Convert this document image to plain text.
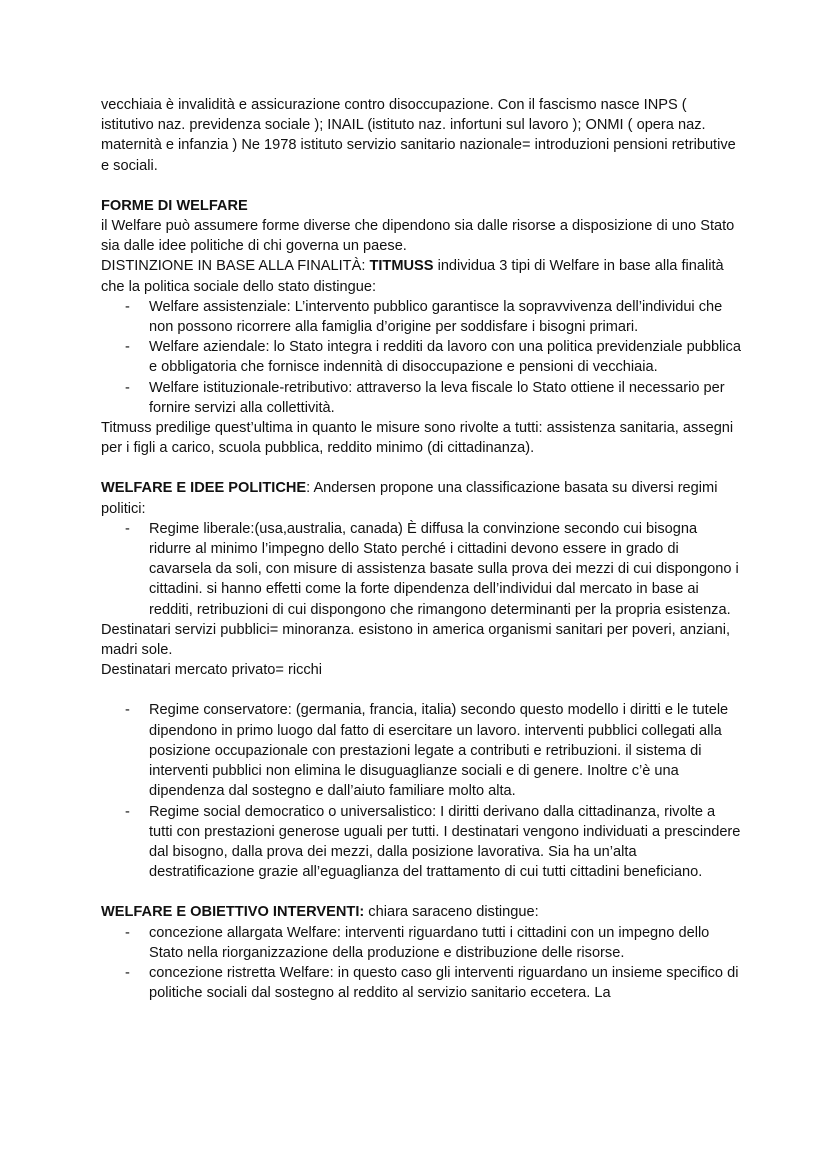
vecchiaia è invalidità e assicurazione contro disoccupazione. Con il fascismo nasce INPS ( istitutivo naz. previdenza sociale ); INAIL (istituto naz. infortuni sul lavoro ); ONMI ( opera naz. maternità e infanzia ) Ne 1978 istituto servizio sanitario nazionale= introduzioni pensioni retributive e sociali.

FORME DI WELFARE

il Welfare può assumere forme diverse che dipendono sia dalle risorse a disposizione di uno Stato sia dalle idee politiche di chi governa un paese.

DISTINZIONE IN BASE ALLA FINALITÀ: TITMUSS individua 3 tipi di Welfare in base alla finalità che la politica sociale dello stato distingue:

- Welfare assistenziale: L’intervento pubblico garantisce la sopravvivenza dell’individui che non possono ricorrere alla famiglia d’origine per soddisfare i bisogni primari.
- Welfare aziendale: lo Stato integra i redditi da lavoro con una politica previdenziale pubblica e obbligatoria che fornisce indennità di disoccupazione e pensioni di vecchiaia.
- Welfare istituzionale-retributivo: attraverso la leva fiscale lo Stato ottiene il necessario per fornire servizi alla collettività.

Titmuss predilige quest’ultima in quanto le misure sono rivolte a tutti: assistenza sanitaria, assegni per i figli a carico, scuola pubblica, reddito minimo (di cittadinanza).

WELFARE E IDEE POLITICHE: Andersen propone una classificazione basata su diversi regimi politici:

- Regime liberale:(usa,australia, canada) È diffusa la convinzione secondo cui bisogna ridurre al minimo l’impegno dello Stato perché i cittadini devono essere in grado di cavarsela da soli, con misure di assistenza basate sulla prova dei mezzi di cui dispongono i cittadini. si hanno effetti come la forte dipendenza dell’individui dal mercato in base ai redditi, retribuzioni di cui dispongono che rimangono determinanti per la propria esistenza.

Destinatari servizi pubblici= minoranza. esistono in america organismi sanitari per poveri, anziani, madri sole.

Destinatari mercato privato= ricchi

- Regime conservatore: (germania, francia, italia) secondo questo modello i diritti e le tutele dipendono in primo luogo dal fatto di esercitare un lavoro. interventi pubblici collegati alla posizione occupazionale con prestazioni legate a contributi e retribuzioni. il sistema di interventi pubblici non elimina le disuguaglianze sociali e di genere. Inoltre c’è una dipendenza dal sostegno e dall’aiuto familiare molto alta.
- Regime social democratico o universalistico: I diritti derivano dalla cittadinanza, rivolte a tutti con prestazioni generose uguali per tutti. I destinatari vengono individuati a prescindere dal bisogno, dalla prova dei mezzi, dalla posizione lavorativa. Sia ha un’alta destratificazione grazie all’eguaglianza del trattamento di cui tutti cittadini beneficiano.

WELFARE E OBIETTIVO INTERVENTI: chiara saraceno distingue:

- concezione allargata Welfare: interventi riguardano tutti i cittadini con un impegno dello Stato nella riorganizzazione della produzione e distribuzione delle risorse.
- concezione ristretta Welfare: in questo caso gli interventi riguardano un insieme specifico di politiche sociali dal sostegno al reddito al servizio sanitario eccetera. La
